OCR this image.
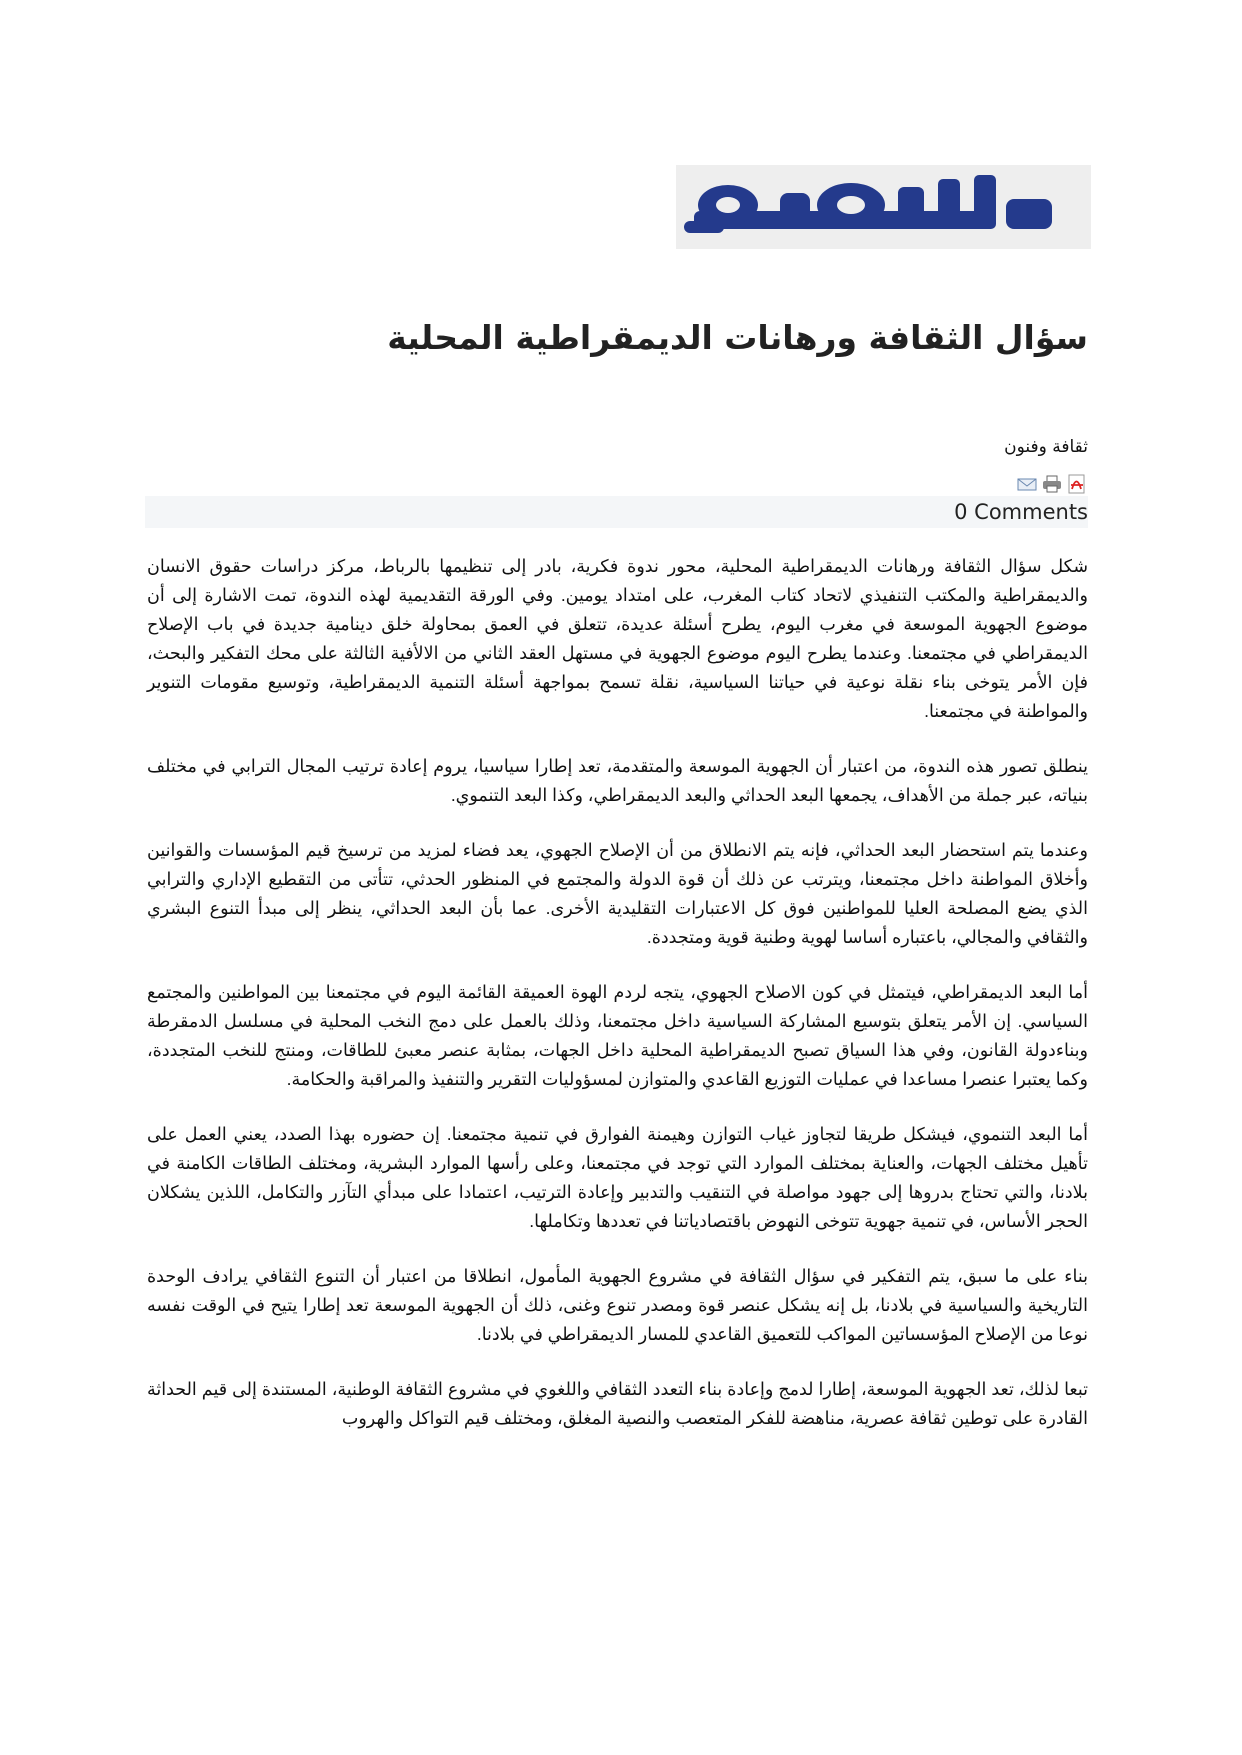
سؤال الثقافة ورهانات الديمقراطية المحلية
ثقافة وفنون
0 Comments

شكل سؤال الثقافة ورهانات الديمقراطية المحلية، محور ندوة فكرية، بادر إلى تنظيمها بالرباط، مركز دراسات حقوق الانسان والديمقراطية والمكتب التنفيذي لاتحاد كتاب المغرب، على امتداد يومين. وفي الورقة التقديمية لهذه الندوة، تمت الاشارة إلى أن موضوع الجهوية الموسعة في مغرب اليوم، يطرح أسئلة عديدة، تتعلق في العمق بمحاولة خلق دينامية جديدة في باب الإصلاح الديمقراطي في مجتمعنا. وعندما يطرح اليوم موضوع الجهوية في مستهل العقد الثاني من الالأفية الثالثة على محك التفكير والبحث، فإن الأمر يتوخى بناء نقلة نوعية في حياتنا السياسية، نقلة تسمح بمواجهة أسئلة التنمية الديمقراطية، وتوسيع مقومات التنوير والمواطنة في مجتمعنا.

ينطلق تصور هذه الندوة، من اعتبار أن الجهوية الموسعة والمتقدمة، تعد إطارا سياسيا، يروم إعادة ترتيب المجال الترابي في مختلف بنياته، عبر جملة من الأهداف، يجمعها البعد الحداثي والبعد الديمقراطي، وكذا البعد التنموي.

وعندما يتم استحضار البعد الحداثي، فإنه يتم الانطلاق من أن الإصلاح الجهوي، يعد فضاء لمزيد من ترسيخ قيم المؤسسات والقوانين وأخلاق المواطنة داخل مجتمعنا، ويترتب عن ذلك أن قوة الدولة والمجتمع في المنظور الحدثي، تتأتى من التقطيع الإداري والترابي الذي يضع المصلحة العليا للمواطنين فوق كل الاعتبارات التقليدية الأخرى. عما بأن البعد الحداثي، ينظر إلى مبدأ التنوع البشري والثقافي والمجالي، باعتباره أساسا لهوية وطنية قوية ومتجددة.

أما البعد الديمقراطي، فيتمثل في كون الاصلاح الجهوي، يتجه لردم الهوة العميقة القائمة اليوم في مجتمعنا بين المواطنين والمجتمع السياسي. إن الأمر يتعلق بتوسيع المشاركة السياسية داخل مجتمعنا، وذلك بالعمل على دمج النخب المحلية في مسلسل الدمقرطة وبناءدولة القانون، وفي هذا السياق تصبح الديمقراطية المحلية داخل الجهات، بمثابة عنصر معبئ للطاقات، ومنتج للنخب المتجددة، وكما يعتبرا عنصرا مساعدا في عمليات التوزيع القاعدي والمتوازن لمسؤوليات التقرير والتنفيذ والمراقبة والحكامة.

أما البعد التنموي، فيشكل طريقا لتجاوز غياب التوازن وهيمنة الفوارق في تنمية مجتمعنا. إن حضوره بهذا الصدد، يعني العمل على تأهيل مختلف الجهات، والعناية بمختلف الموارد التي توجد في مجتمعنا، وعلى رأسها الموارد البشرية، ومختلف الطاقات الكامنة في بلادنا، والتي تحتاج بدروها إلى جهود مواصلة في التنقيب والتدبير وإعادة الترتيب، اعتمادا على مبدأي التآزر والتكامل، اللذين يشكلان الحجر الأساس، في تنمية جهوية تتوخى النهوض باقتصادياتنا في تعددها وتكاملها.

بناء على ما سبق، يتم التفكير في سؤال الثقافة في مشروع الجهوية المأمول، انطلاقا من اعتبار أن التنوع الثقافي يرادف الوحدة التاريخية والسياسية في بلادنا، بل إنه يشكل عنصر قوة ومصدر تنوع وغنى، ذلك أن الجهوية الموسعة تعد إطارا يتيح في الوقت نفسه نوعا من الإصلاح المؤسساتين المواكب للتعميق القاعدي للمسار الديمقراطي في بلادنا.

تبعا لذلك، تعد الجهوية الموسعة، إطارا لدمج وإعادة بناء التعدد الثقافي واللغوي في مشروع الثقافة الوطنية، المستندة إلى قيم الحداثة القادرة على توطين ثقافة عصرية، مناهضة للفكر المتعصب والنصية المغلق، ومختلف قيم التواكل والهروب
